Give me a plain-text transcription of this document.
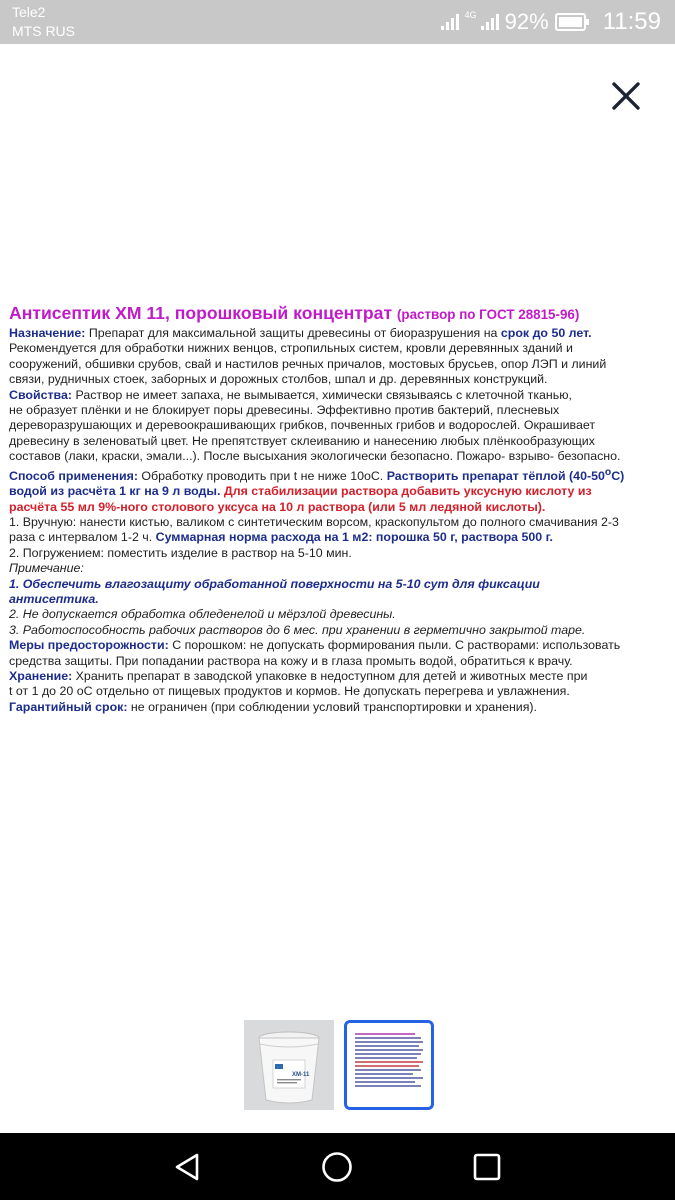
Tele2
MTS RUS
4G 92% 11:59
Антисептик ХМ 11, порошковый концентрат (раствор по ГОСТ 28815-96)
Назначение: Препарат для максимальной защиты древесины от биоразрушения на срок до 50 лет.
Рекомендуется для обработки нижних венцов, стропильных систем, кровли деревянных зданий и
сооружений, обшивки срубов, свай и настилов речных причалов, мостовых брусьев, опор ЛЭП и линий
связи, рудничных стоек, заборных и дорожных столбов, шпал и др. деревянных конструкций.
Свойства: Раствор не имеет запаха, не вымывается, химически связываясь с клеточной тканью,
не образует плёнки и не блокирует поры древесины. Эффективно против бактерий, плесневых
дереворазрушающих и деревоокрашивающих грибков, почвенных грибов и водорослей. Окрашивает
древесину в зеленоватый цвет. Не препятствует склеиванию и нанесению любых плёнкообразующих
составов (лаки, краски, эмали...). После высыхания экологически безопасно. Пожаро- взрыво- безопасно.
Способ применения: Обработку проводить при t не ниже 10оС. Растворить препарат тёплой $(40-50^оС)$
водой из расчёта 1 кг на 9 л воды. Для стабилизации раствора добавить уксусную кислоту из
расчёта 55 мл 9%-ного столового уксуса на 10 л раствора (или 5 мл ледяной кислоты).
1. Вручную: нанести кистью, валиком с синтетическим ворсом, краскопультом до полного смачивания 2-3
раза с интервалом 1-2 ч. Суммарная норма расхода на 1 м2: порошка 50 г, раствора 500 г.
2. Погружением: поместить изделие в раствор на 5-10 мин.
Примечание:
1. Обеспечить влагозащиту обработанной поверхности на 5-10 сут для фиксации
антисептика.
2. Не допускается обработка обледенелой и мёрзлой древесины.
3. Работоспособность рабочих растворов до 6 мес. при хранении в герметично закрытой таре.
Меры предосторожности: С порошком: не допускать формирования пыли. С растворами: использовать
средства защиты. При попадании раствора на кожу и в глаза промыть водой, обратиться к врачу.
Хранение: Хранить препарат в заводской упаковке в недоступном для детей и животных месте при
t от 1 до 20 оС отдельно от пищевых продуктов и кормов. Не допускать перегрева и увлажнения.
Гарантийный срок: не ограничен (при соблюдении условий транспортировки и хранения).
ХМ-11
